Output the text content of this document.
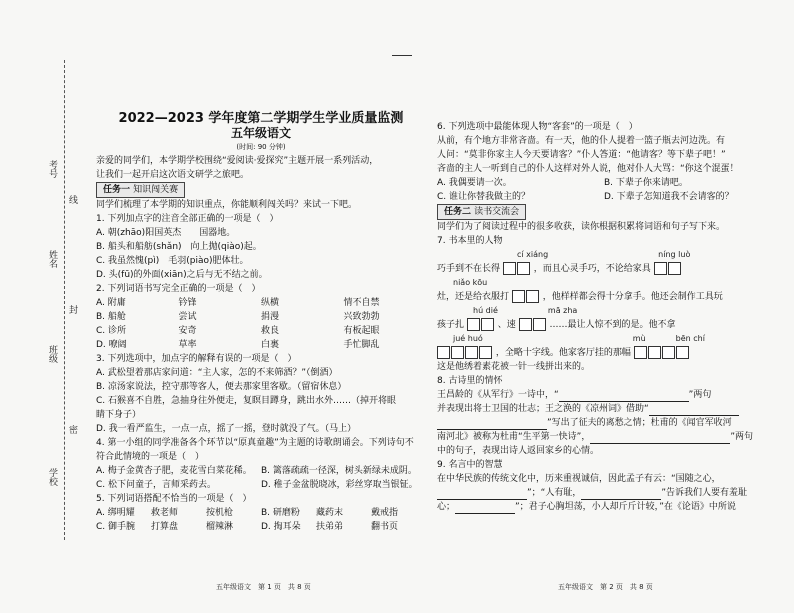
考号
线
姓名
封
班级
密
学校
2022—2023 学年度第二学期学生学业质量监测
五年级语文
(时间: 90 分钟)
亲爱的同学们，本学期学校围绕“爱阅读·爱探究”主题开展一系列活动，
让我们一起开启这次语文研学之旅吧。
任务一 知识闯关赛
同学们梳理了本学期的知识重点，你能顺利闯关吗？来试一下吧。
1. 下列加点字的注音全部正确的一项是（　）
A. 朝(zhāo)阳国英杰　　国器地。
B. 船头和船舫(shǎn)　向上抛(qiào)起。
C. 我虽然愧(pì)　毛羽(piào)肥体壮。
D. 头(fū)的外面(xiān)之后与无不结之前。
2. 下列词语书写完全正确的一项是（　）
A. 附庸	钤锋	纵横	情不自禁
B. 船舱	尝试	捐漫	兴致勃勃
C. 诊所	安奇	救良	有板起眼
D. 嘹阔	草率	白裏	手忙脚乱
3. 下列选项中，加点字的解释有误的一项是（　）
A. 武松望着那店家问道：“主人家，怎的不来筛酒？”（倒酒）
B. 凉汤家说法，控守那等客人，便去那家里客歇。（留宿休息）
C. 石猴喜不自胜，急抽身往外便走，复瞑目蹲身，跳出水外……（掉开将眼
睛下身子）
D. 我一看严监生，一点一点，摇了一摇，登时就没了气。（马上）
4. 第一小组的同学准备各个环节以“原真童趣”为主题的诗歌朗诵会。下列诗句不
符合此情境的一项是（　）
A. 梅子金黄杏子肥，麦花雪白菜花稀。	B. 篱落疏疏一径深，树头新绿未成阴。
C. 松下问童子，言师采药去。	D. 稚子金盆脱晓冰，彩丝穿取当银钲。
5. 下列词语搭配不恰当的一项是（　）
A. 绑明耀	救老师	按机枪	B. 研磨粉	藏药末	戴戒指
C. 御手腕	打算盘	榴辣淋	D. 掏耳朵	扶弟弟	翻书页
6. 下列选项中最能体现人物“客套”的一项是（　）
从前，有个地方非常吝啬。有一天，他的仆人提着一篮子瓶去河边洗。有
人问：“莫非你家主人今天要请客？”仆人答道：“他请客？等下辈子吧！”
吝啬的主人一听到自己的仆人这样对外人说，他对仆人大骂：“你这个混蛋！
A. 我偶要请一次。	B. 下辈子你来请吧。
C. 谁让你替我做主的？	D. 下辈子怎知道我不会请客的？
任务二 读书交流会
同学们为了阅读过程中的很多收获，读你根据积累将词语和句子写下来。
7. 书本里的人物
cí xiáng	níng luò
巧手到不在长得	，而且心灵手巧，不论给家具
niǎo kōu
灶，还是给衣服打	，他样样都会得十分拿手。他还会制作工具玩
hú dié	mā zha
孩子扎	、速	……最让人惊不到的是。他不拿
jué huó	mù	bēn chí
，全略十字线。他家客厅挂的那幅
这是他绣着素花被一针一线拼出来的。
8. 古诗里的情怀
王昌龄的《从军行》一诗中，“	”两句
并表现出将士卫国的壮志；王之涣的《凉州词》借助“
”写出了征夫的离愁之情；杜甫的《闻官军收河
南河北》被称为杜甫“生平第一快诗”，	”两句
中的句子，表现出诗人返回家乡的心情。
9. 名言中的智慧
在中华民族的传统文化中，历来重视诚信，因此孟子有云：“国随之心，
”；“人有耻，	”告诉我们人要有羞耻
心；	”；君子心胸坦荡，小人却斤斤计较，”在《论语》中所说
五年级语文　第 1 页　共 8 页	五年级语文　第 2 页　共 8 页
